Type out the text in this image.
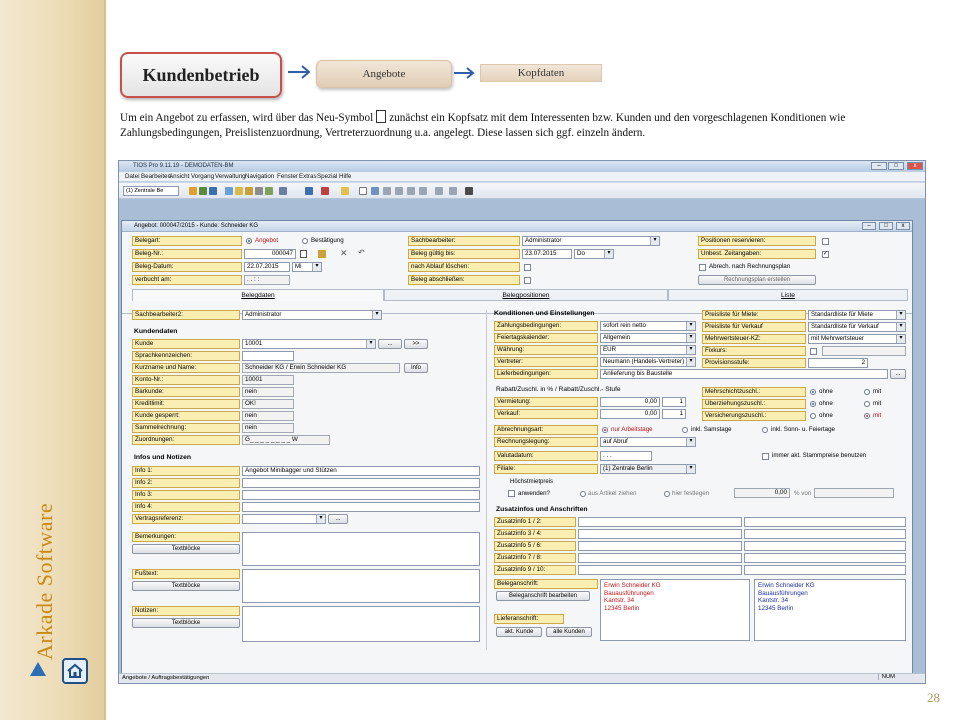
Arkade Software
28
Kundenbetrieb	Angebote	Kopfdaten
Um ein Angebot zu erfassen, wird über das Neu-Symbol zunächst ein Kopfsatz mit dem Interessenten bzw. Kunden und den vorgeschlagenen Konditionen wie Zahlungsbedingungen, Preislistenzuordnung, Vertreterzuordnung u.a. angelegt. Diese lassen sich ggf. einzeln ändern.
TIOS Pro 9.11.19 - DEMODATEN-BM	–	□	x
Datei Bearbeiten
Ansicht Vorgang Verwaltung Navigation Fenster Extras Spezial Hilfe
(1) Zentrale Be
Angebot: 000047/2015 - Kunde: Schneider KG	–	□	x
Belegart:	Angebot	Bestätigung
Beleg-Nr.:	000047	✕ ↶
Beleg-Datum:	22.07.2015	Mi ▾
verbucht am:	. . : :
Sachbearbeiter:	Administrator ▾
Beleg gültig bis:	23.07.2015	Do ▾
nach Ablauf löschen:
Beleg abschließen:
Positionen reservieren:
Unbest. Zeitangaben:	✓
Abrech. nach Rechnungsplan
Rechnungsplan erstellen
Belegdaten	Belegpositionen	Liste
Sachbearbeiter2:	Administrator ▾
Kundendaten
Kunde	10001 ▾	...	>>
Sprachkennzeichen:
Kurzname und Name:	Schneider KG / Erwin Schneider KG	Info
Konto-Nr.:	10001
Barkunde:	nein
Kreditlimit:	OK!
Kunde gesperrt:	nein
Sammelrechnung:	nein
Zuordnungen:	G_ _ _ _ _ _ _ _ W
Infos und Notizen
Info 1:	Angebot Minibagger und Stützen
Info 2:
Info 3:
Info 4:
Vertragsreferenz:
▾	...
Bemerkungen:
Textblöcke
Fußtext:
Textblöcke
Notizen:
Textblöcke
Konditionen und Einstellungen
Zahlungsbedingungen:	sofort rein netto ▾
Feiertagskalender:	Allgemein ▾
Währung:	EUR ▾
Vertreter:	Neumann (Handels-Vertreter) ▾
Lieferbedingungen:	Anlieferung bis Baustelle	...
Preisliste für Miete:	Standardliste für Miete ▾
Preisliste für Verkauf	Standardliste für Verkauf ▾
Mehrwertsteuer-KZ:	mit Mehrwertsteuer ▾
Fixkurs:
Provisionsstufe:	2
Rabatt/Zuschl. in % / Rabatt/Zuschl.- Stufe
Vermietung:	0,00	1
Verkauf:	0,00	1
Mehrschichtzuschl.:	ohne	mit
Überziehungszuschl.:	ohne	mit
Versicherungszuschl.:	ohne	mit
Abrechnungsart:	nur Arbeitstage	inkl. Samstage	inkl. Sonn- u. Feiertage
Rechnungslegung:	auf Abruf ▾
Valutadatum:	. . .	immer akt. Stammpreise benutzen
Filiale:	(1) Zentrale Berlin ▾
Höchstmietpreis
anwenden?	aus Artikel ziehen	hier festlegen	0,00	% von
Zusatzinfos und Anschriften
Zusatzinfo 1 / 2:
Zusatzinfo 3 / 4:
Zusatzinfo 5 / 6:
Zusatzinfo 7 / 8:
Zusatzinfo 9 / 10:
Beleganschrift:
Beleganschrift bearbeiten
Lieferanschrift:
akt. Kunde	alle Kunden
Erwin Schneider KG
Bauausführungen
Kantstr. 34
12345 Berlin
Erwin Schneider KG
Bauausführungen
Kantstr. 34
12345 Berlin
Angebote / Auftragsbestätigungen	NUM
